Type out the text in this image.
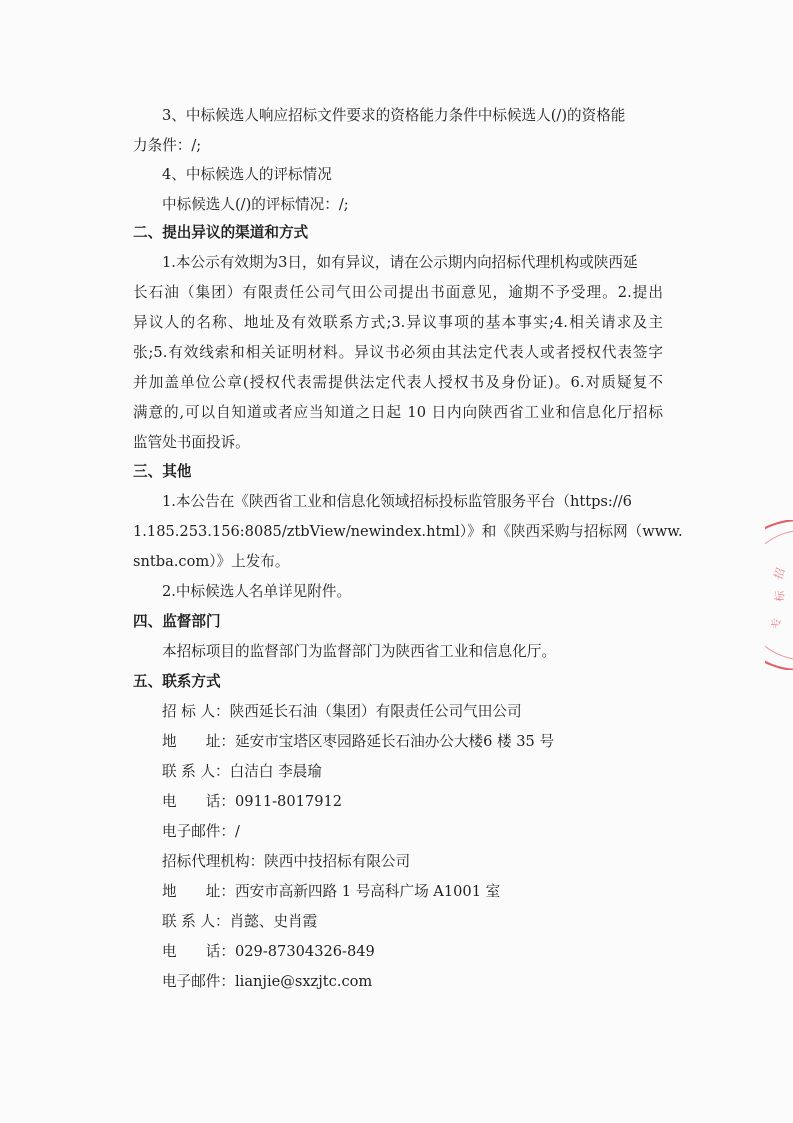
3、中标候选人响应招标文件要求的资格能力条件中标候选人(/)的资格能
力条件：/;
4、中标候选人的评标情况
中标候选人(/)的评标情况：/;
二、提出异议的渠道和方式
1.本公示有效期为3日，如有异议，请在公示期内向招标代理机构或陕西延
长石油（集团）有限责任公司气田公司提出书面意见，逾期不予受理。2.提出
异议人的名称、地址及有效联系方式;3.异议事项的基本事实;4.相关请求及主
张;5.有效线索和相关证明材料。异议书必须由其法定代表人或者授权代表签字
并加盖单位公章(授权代表需提供法定代表人授权书及身份证)。6.对质疑复不
满意的,可以自知道或者应当知道之日起 10 日内向陕西省工业和信息化厅招标
监管处书面投诉。
三、其他
1.本公告在《陕西省工业和信息化领域招标投标监管服务平台（https://6
1.185.253.156:8085/ztbView/newindex.html）》和《陕西采购与招标网（www.
sntba.com）》上发布。
2.中标候选人名单详见附件。
四、监督部门
本招标项目的监督部门为监督部门为陕西省工业和信息化厅。
五、联系方式
招 标 人：陕西延长石油（集团）有限责任公司气田公司
地　　址：延安市宝塔区枣园路延长石油办公大楼6 楼 35 号
联 系 人：白洁白 李晨瑜
电　　话：0911-8017912
电子邮件：/
招标代理机构：陕西中技招标有限公司
地　　址：西安市高新四路 1 号高科广场 A1001 室
联 系 人：肖懿、史肖霞
电　　话：029-87304326-849
电子邮件：lianjie@sxzjtc.com
招
标
专
